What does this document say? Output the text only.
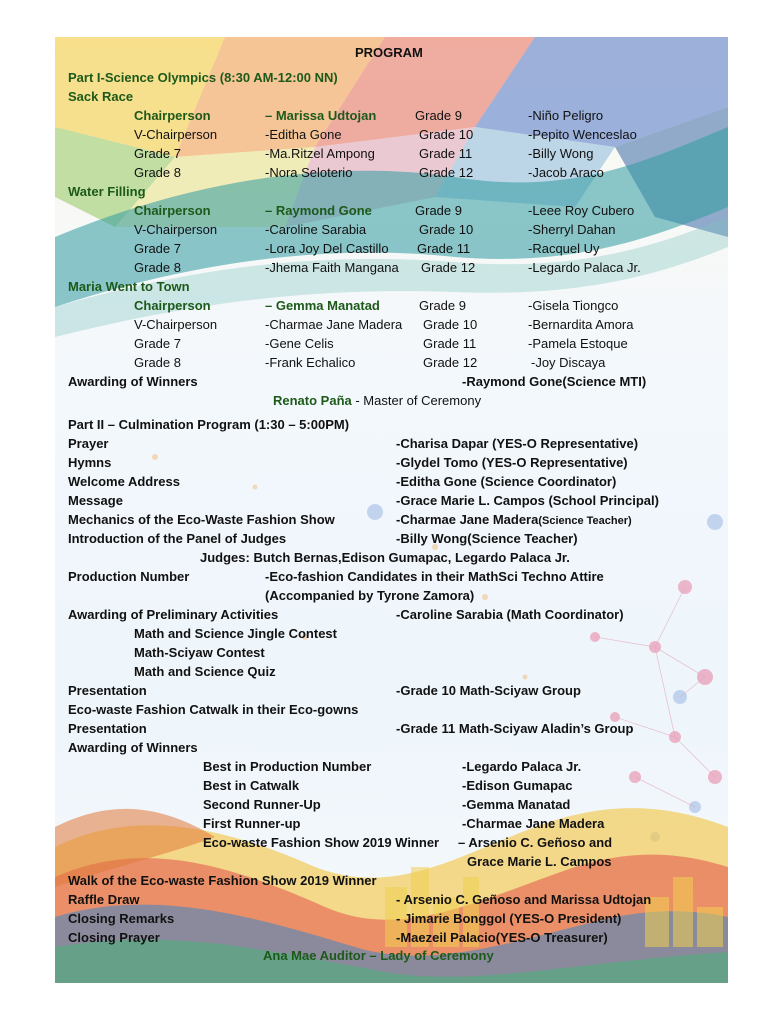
PROGRAM
Part I-Science Olympics (8:30 AM-12:00 NN)
Sack Race
Chairperson	– Marissa Udtojan	Grade 9	-Niño Peligro
V-Chairperson	-Editha Gone	Grade 10	-Pepito Wenceslao
Grade 7	-Ma.Ritzel Ampong	Grade 11	-Billy Wong
Grade 8	-Nora Seloterio	Grade 12	-Jacob Araco
Water Filling
Chairperson	– Raymond Gone	Grade 9	-Leee Roy Cubero
V-Chairperson	-Caroline Sarabia	Grade 10	-Sherryl Dahan
Grade 7	-Lora Joy Del Castillo Grade 11	-Racquel Uy
Grade 8	-Jhema Faith Mangana Grade 12	-Legardo Palaca Jr.
Maria Went to Town
Chairperson	– Gemma Manatad	Grade 9	-Gisela Tiongco
V-Chairperson	-Charmae Jane Madera Grade 10	-Bernardita Amora
Grade 7	-Gene Celis	Grade 11	-Pamela Estoque
Grade 8	-Frank Echalico	Grade 12	-Joy Discaya
Awarding of Winners	-Raymond Gone(Science MTI)
Renato Paña - Master of Ceremony
Part II – Culmination Program (1:30 – 5:00PM)
Prayer	-Charisa Dapar (YES-O Representative)
Hymns	-Glydel Tomo (YES-O Representative)
Welcome Address	-Editha Gone (Science Coordinator)
Message	-Grace Marie L. Campos (School Principal)
Mechanics of the Eco-Waste Fashion Show	-Charmae Jane Madera(Science Teacher)
Introduction of the Panel of Judges	-Billy Wong(Science Teacher)
Judges: Butch Bernas,Edison Gumapac, Legardo Palaca Jr.
Production Number	-Eco-fashion Candidates in their MathSci Techno Attire
(Accompanied by Tyrone Zamora)
Awarding of Preliminary Activities	-Caroline Sarabia (Math Coordinator)
Math and Science Jingle Contest
Math-Sciyaw Contest
Math and Science Quiz
Presentation	-Grade 10 Math-Sciyaw Group
Eco-waste Fashion Catwalk in their Eco-gowns
Presentation	-Grade 11 Math-Sciyaw Aladin’s Group
Awarding of Winners
Best in Production Number	-Legardo Palaca Jr.
Best in Catwalk	-Edison Gumapac
Second Runner-Up	-Gemma Manatad
First Runner-up	-Charmae Jane Madera
Eco-waste Fashion Show 2019 Winner – Arsenio C. Geñoso and
Grace Marie L. Campos
Walk of the Eco-waste Fashion Show 2019 Winner
Raffle Draw	- Arsenio C. Geñoso and Marissa Udtojan
Closing Remarks	- Jimarie Bonggol (YES-O President)
Closing Prayer	-Maezeil Palacio(YES-O Treasurer)
Ana Mae Auditor – Lady of Ceremony
